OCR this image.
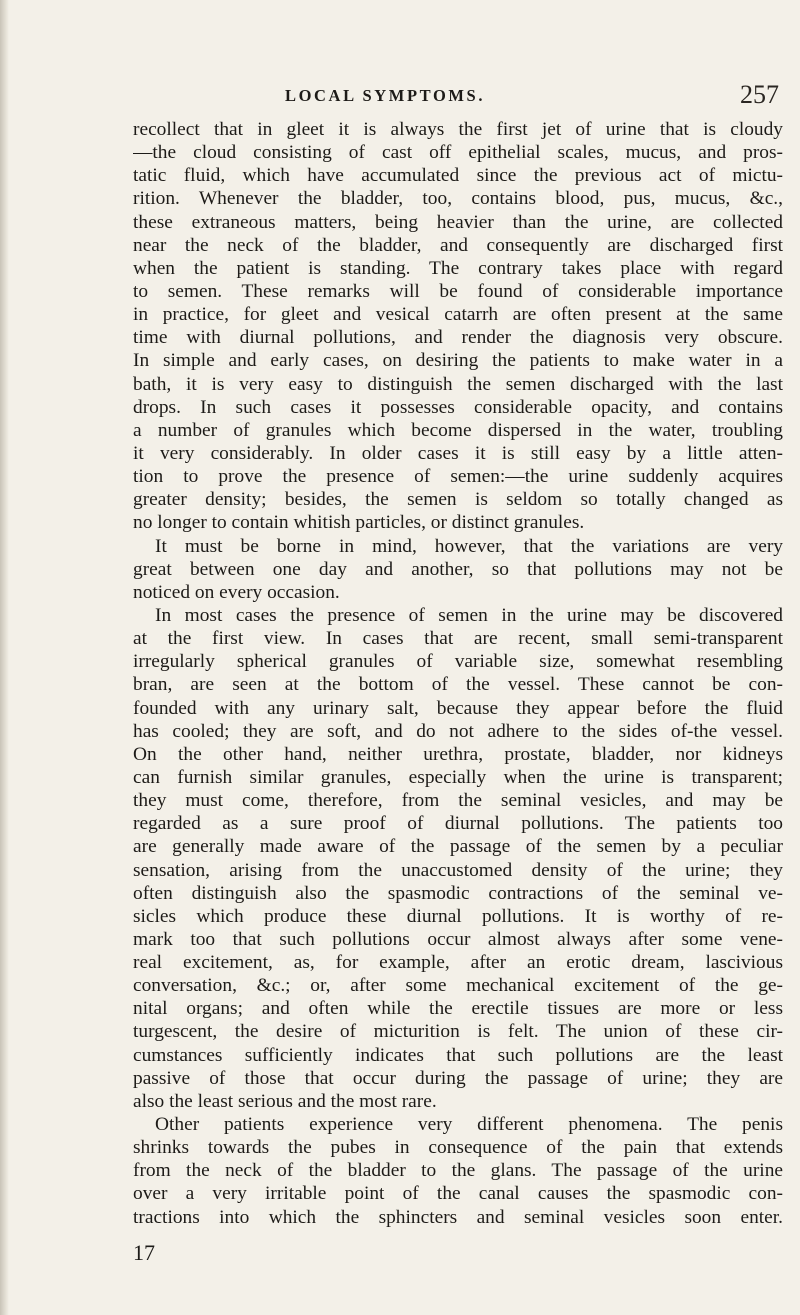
LOCAL SYMPTOMS.	257
recollect that in gleet it is always the first jet of urine that is cloudy
—the cloud consisting of cast off epithelial scales, mucus, and pros-
tatic fluid, which have accumulated since the previous act of mictu-
rition. Whenever the bladder, too, contains blood, pus, mucus, &c.,
these extraneous matters, being heavier than the urine, are collected
near the neck of the bladder, and consequently are discharged first
when the patient is standing. The contrary takes place with regard
to semen. These remarks will be found of considerable importance
in practice, for gleet and vesical catarrh are often present at the same
time with diurnal pollutions, and render the diagnosis very obscure.
In simple and early cases, on desiring the patients to make water in a
bath, it is very easy to distinguish the semen discharged with the last
drops. In such cases it possesses considerable opacity, and contains
a number of granules which become dispersed in the water, troubling
it very considerably. In older cases it is still easy by a little atten-
tion to prove the presence of semen:—the urine suddenly acquires
greater density; besides, the semen is seldom so totally changed as
no longer to contain whitish particles, or distinct granules.
It must be borne in mind, however, that the variations are very
great between one day and another, so that pollutions may not be
noticed on every occasion.
In most cases the presence of semen in the urine may be discovered
at the first view. In cases that are recent, small semi-transparent
irregularly spherical granules of variable size, somewhat resembling
bran, are seen at the bottom of the vessel. These cannot be con-
founded with any urinary salt, because they appear before the fluid
has cooled; they are soft, and do not adhere to the sides of-the vessel.
On the other hand, neither urethra, prostate, bladder, nor kidneys
can furnish similar granules, especially when the urine is transparent;
they must come, therefore, from the seminal vesicles, and may be
regarded as a sure proof of diurnal pollutions. The patients too
are generally made aware of the passage of the semen by a peculiar
sensation, arising from the unaccustomed density of the urine; they
often distinguish also the spasmodic contractions of the seminal ve-
sicles which produce these diurnal pollutions. It is worthy of re-
mark too that such pollutions occur almost always after some vene-
real excitement, as, for example, after an erotic dream, lascivious
conversation, &c.; or, after some mechanical excitement of the ge-
nital organs; and often while the erectile tissues are more or less
turgescent, the desire of micturition is felt. The union of these cir-
cumstances sufficiently indicates that such pollutions are the least
passive of those that occur during the passage of urine; they are
also the least serious and the most rare.
Other patients experience very different phenomena. The penis
shrinks towards the pubes in consequence of the pain that extends
from the neck of the bladder to the glans. The passage of the urine
over a very irritable point of the canal causes the spasmodic con-
tractions into which the sphincters and seminal vesicles soon enter.
17
